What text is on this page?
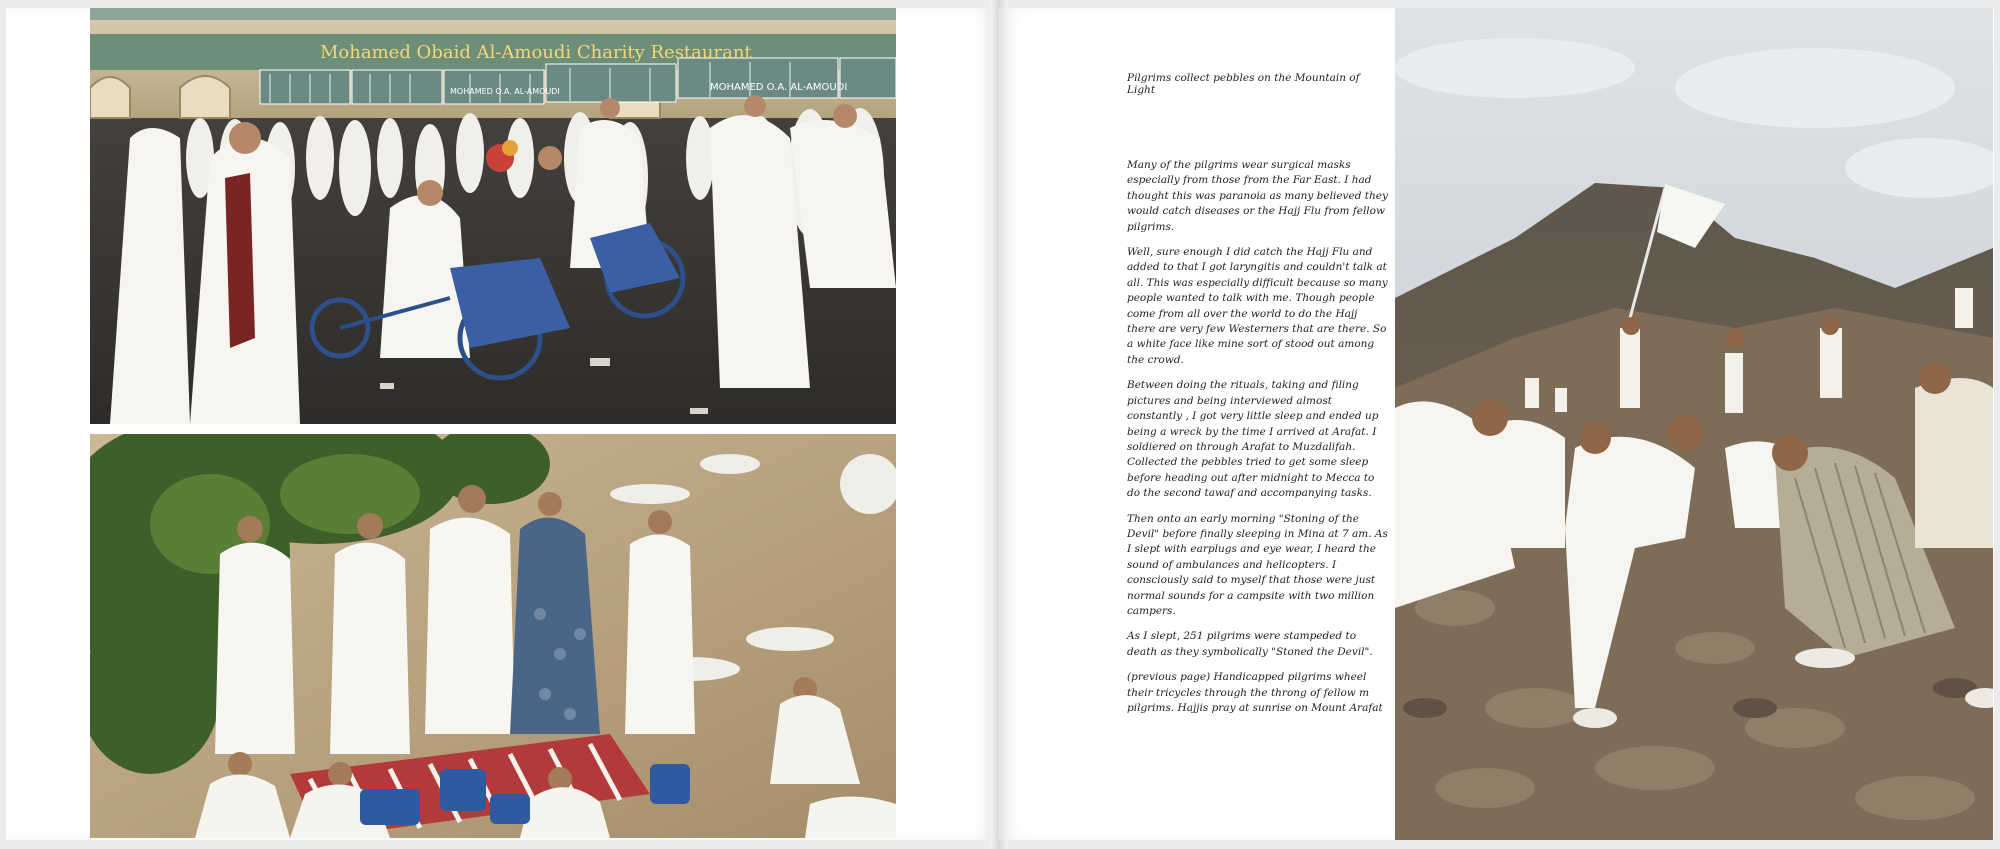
Mohamed Obaid Al-Amoudi Charity Restaurant
MOHAMED O.A. AL-AMOUDI	MOHAMED O.A. AL-AMOUDI

Pilgrims collect pebbles on the Mountain of Light

Many of the pilgrims wear surgical masks especially from those from the Far East. I had thought this was paranoia as many believed they would catch diseases or the Hajj Flu from fellow pilgrims.

Well, sure enough I did catch the Hajj Flu and added to that I got laryngitis and couldn't talk at all. This was especially difficult because so many people wanted to talk with me. Though people come from all over the world to do the Hajj there are very few Westerners that are there. So a white face like mine sort of stood out among the crowd.

Between doing the rituals, taking and filing pictures and being interviewed almost constantly , I got very little sleep and ended up being a wreck by the time I arrived at Arafat. I soldiered on through Arafat to Muzdalifah. Collected the pebbles tried to get some sleep before heading out after midnight to Mecca to do the second tawaf and accompanying tasks.

Then onto an early morning "Stoning of the Devil" before finally sleeping in Mina at 7 am. As I slept with earplugs and eye wear, I heard the sound of ambulances and helicopters. I consciously said to myself that those were just normal sounds for a campsite with two million campers.

As I slept, 251 pilgrims were stampeded to death as they symbolically "Stoned the Devil".

(previous page) Handicapped pilgrims wheel their tricycles through the throng of fellow m pilgrims. Hajjis pray at sunrise on Mount Arafat
